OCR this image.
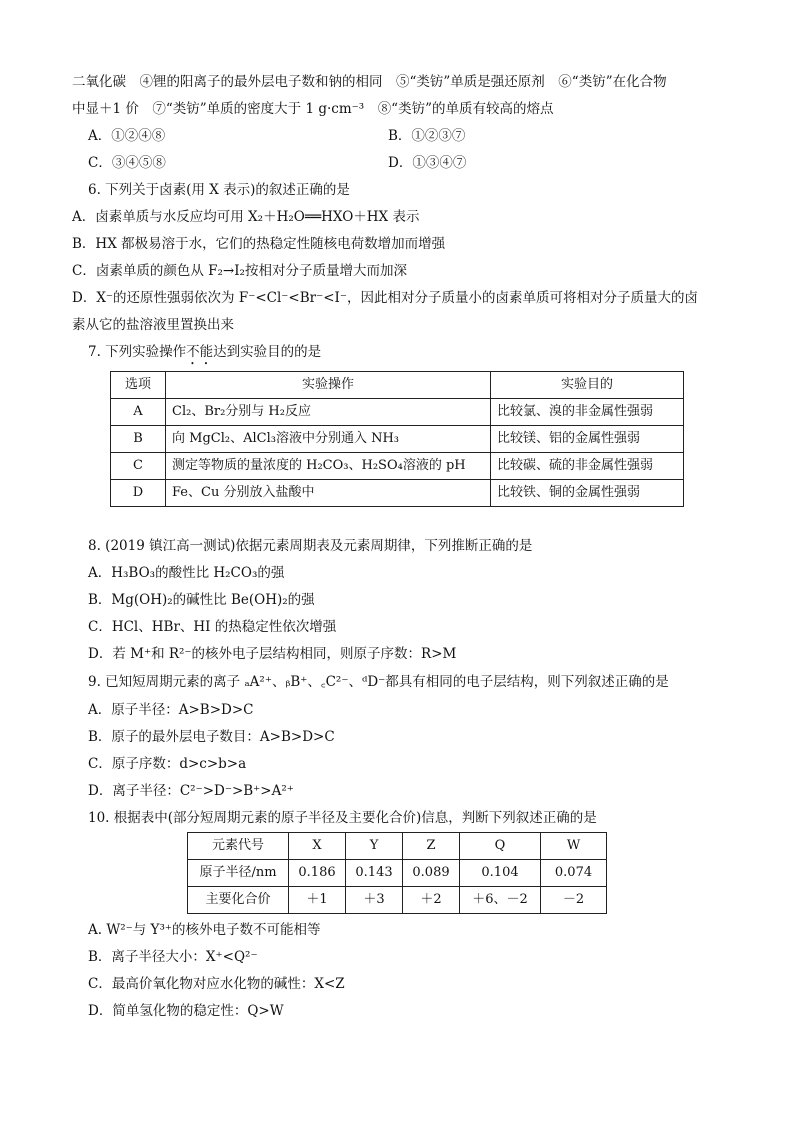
二氧化碳　④锂的阳离子的最外层电子数和钠的相同　⑤“类钫”单质是强还原剂　⑥“类钫”在化合物
中显＋1 价　⑦“类钫”单质的密度大于 1 g·cm⁻³　⑧“类钫”的单质有较高的熔点
A．①②④⑧	B．①②③⑦
C．③④⑤⑧	D．①③④⑦
6. 下列关于卤素(用 X 表示)的叙述正确的是
A．卤素单质与水反应均可用 X₂＋H₂O══HXO＋HX 表示
B．HX 都极易溶于水，它们的热稳定性随核电荷数增加而增强
C．卤素单质的颜色从 F₂→I₂按相对分子质量增大而加深
D．X⁻的还原性强弱依次为 F⁻<Cl⁻<Br⁻<I⁻，因此相对分子质量小的卤素单质可将相对分子质量大的卤
素从它的盐溶液里置换出来
7. 下列实验操作不能达到实验目的的是
选项	实验操作	实验目的
A	Cl₂、Br₂分别与 H₂反应	比较氯、溴的非金属性强弱
B	向 MgCl₂、AlCl₃溶液中分别通入 NH₃	比较镁、铝的金属性强弱
C	测定等物质的量浓度的 H₂CO₃、H₂SO₄溶液的 pH	比较碳、硫的非金属性强弱
D	Fe、Cu 分别放入盐酸中	比较铁、铜的金属性强弱
8. (2019 镇江高一测试)依据元素周期表及元素周期律，下列推断正确的是
A．H₃BO₃的酸性比 H₂CO₃的强
B．Mg(OH)₂的碱性比 Be(OH)₂的强
C．HCl、HBr、HI 的热稳定性依次增强
D．若 M⁺和 R²⁻的核外电子层结构相同，则原子序数：R>M
9. 已知短周期元素的离子 ₐA²⁺、ᵦB⁺、꜀C²⁻、ᵈD⁻都具有相同的电子层结构，则下列叙述正确的是
A．原子半径：A>B>D>C
B．原子的最外层电子数目：A>B>D>C
C．原子序数：d>c>b>a
D．离子半径：C²⁻>D⁻>B⁺>A²⁺
10. 根据表中(部分短周期元素的原子半径及主要化合价)信息，判断下列叙述正确的是
元素代号	X	Y	Z	Q	W
原子半径/nm	0.186	0.143	0.089	0.104	0.074
主要化合价	＋1	＋3	＋2	＋6、－2	－2
A. W²⁻与 Y³⁺的核外电子数不可能相等
B．离子半径大小：X⁺<Q²⁻
C．最高价氧化物对应水化物的碱性：X<Z
D．简单氢化物的稳定性：Q>W
